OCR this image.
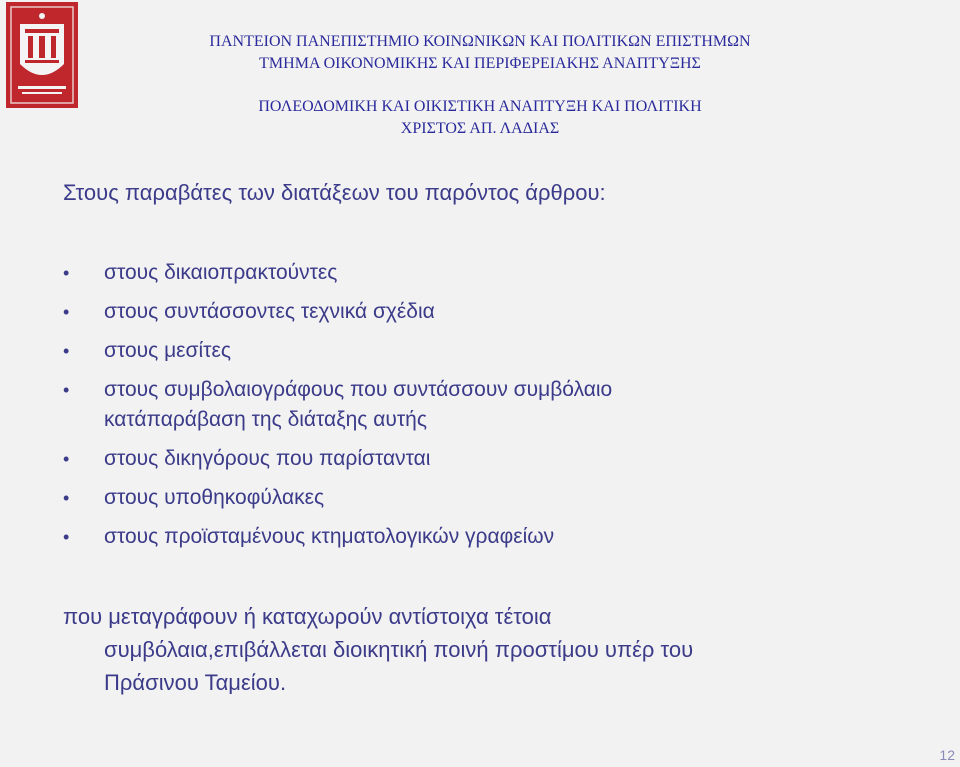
ΠΑΝΤΕΙΟΝ ΠΑΝΕΠΙΣΤΗΜΙΟ ΚΟΙΝΩΝΙΚΩΝ ΚΑΙ ΠΟΛΙΤΙΚΩΝ ΕΠΙΣΤΗΜΩΝ
ΤΜΗΜΑ ΟΙΚΟΝΟΜΙΚΗΣ ΚΑΙ ΠΕΡΙΦΕΡΕΙΑΚΗΣ ΑΝΑΠΤΥΞΗΣ
ΠΟΛΕΟΔΟΜΙΚΗ ΚΑΙ ΟΙΚΙΣΤΙΚΗ ΑΝΑΠΤΥΞΗ ΚΑΙ ΠΟΛΙΤΙΚΗ
ΧΡΙΣΤΟΣ ΑΠ. ΛΑΔΙΑΣ
Στους παραβάτες των διατάξεων του παρόντος άρθρου:
• στους δικαιοπρακτούντες
• στους συντάσσοντες τεχνικά σχέδια
• στους μεσίτες
• στους συμβολαιογράφους που συντάσσουν συμβόλαιο
κατάπαράβαση της διάταξης αυτής
• στους δικηγόρους που παρίστανται
• στους υποθηκοφύλακες
• στους προϊσταμένους κτηματολογικών γραφείων
που μεταγράφουν ή καταχωρούν αντίστοιχα τέτοια
συμβόλαια,επιβάλλεται διοικητική ποινή προστίμου υπέρ του
Πράσινου Ταμείου.
12
